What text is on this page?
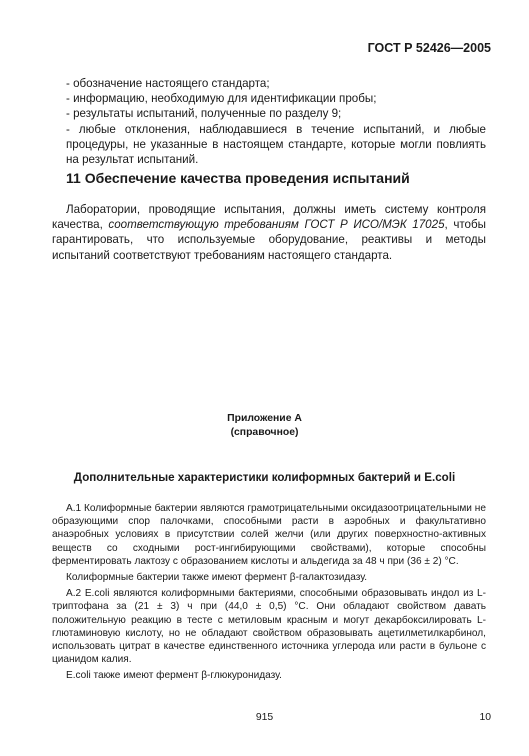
ГОСТ Р 52426—2005

- обозначение настоящего стандарта;

- информацию, необходимую для идентификации пробы;

- результаты испытаний, полученные по разделу 9;

- любые отклонения, наблюдавшиеся в течение испытаний, и любые процедуры, не указанные в настоящем стандарте, которые могли повлиять на результат испытаний.

11 Обеспечение качества проведения испытаний

Лаборатории, проводящие испытания, должны иметь систему контроля качества, соответствующую требованиям ГОСТ Р ИСО/МЭК 17025, чтобы гарантировать, что используемые оборудование, реактивы и методы испытаний соответствуют требованиям настоящего стандарта.

Приложение А
(справочное)
Дополнительные характеристики колиформных бактерий и E.coli

А.1 Колиформные бактерии являются грамотрицательными оксидазоотрицательными не образующими спор палочками, способными расти в аэробных и факультативно анаэробных условиях в присутствии солей желчи (или других поверхностно-активных веществ со сходными рост-ингибирующими свойствами), которые способны ферментировать лактозу с образованием кислоты и альдегида за 48 ч при (36 ± 2) °С.

Колиформные бактерии также имеют фермент β-галактозидазу.

А.2 E.coli являются колиформными бактериями, способными образовывать индол из L-триптофана за (21 ± 3) ч при (44,0 ± 0,5) °С. Они обладают свойством давать положительную реакцию в тесте с метиловым красным и могут декарбоксилировать L-глютаминовую кислоту, но не обладают свойством образовывать ацетилметилкарбинол, использовать цитрат в качестве единственного источника углерода или расти в бульоне с цианидом калия.

E.coli также имеют фермент β-глюкуронидазу.

915	10
